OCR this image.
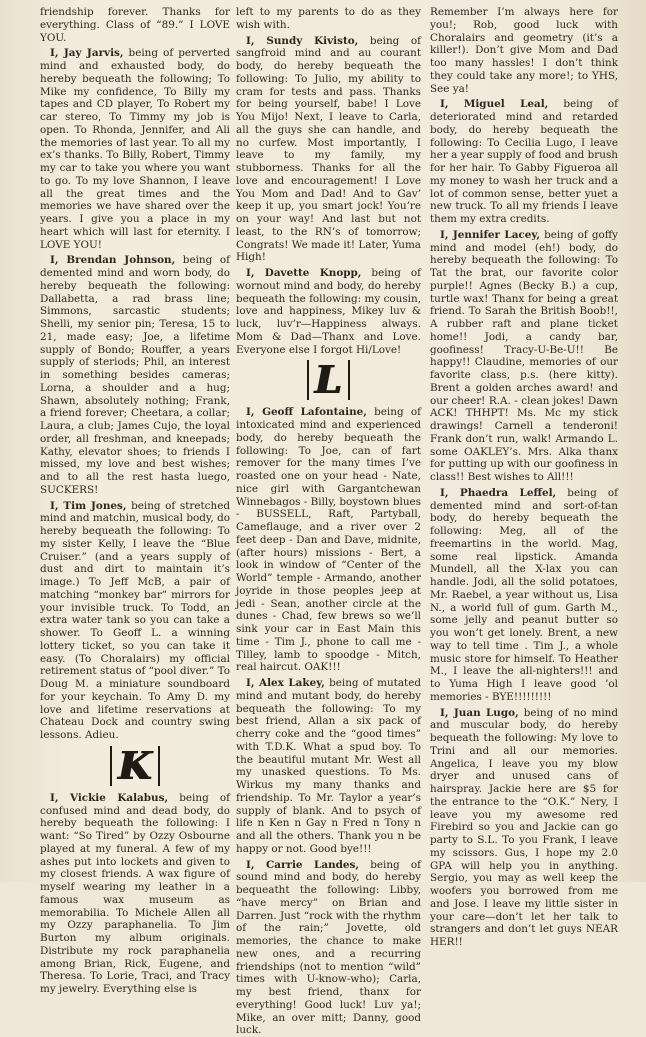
friendship forever. Thanks for everything. Class of “89.” I LOVE YOU.

I, Jay Jarvis, being of perverted mind and exhausted body, do hereby bequeath the following; To Mike my confidence, To Billy my tapes and CD player, To Robert my car stereo, To Timmy my job is open. To Rhonda, Jennifer, and Ali the memories of last year. To all my ex’s thanks. To Billy, Robert, Timmy my car to take you where you want to go. To my love Shannon, I leave all the great times and the memories we have shared over the years. I give you a place in my heart which will last for eternity. I LOVE YOU!

I, Brendan Johnson, being of demented mind and worn body, do hereby bequeath the following: Dallabetta, a rad brass line; Simmons, sarcastic students; Shelli, my senior pin; Teresa, 15 to 21, made easy; Joe, a lifetime supply of Bondo; Rouffer, a years supply of steriods; Phil, an interest in something besides cameras; Lorna, a shoulder and a hug; Shawn, absolutely nothing; Frank, a friend forever; Cheetara, a collar; Laura, a club; James Cujo, the loyal order, all freshman, and kneepads; Kathy, elevator shoes; to friends I missed, my love and best wishes; and to all the rest hasta luego, SUCKERS!

I, Tim Jones, being of stretched mind and matchin, musical body, do hereby bequeath the following: To my sister Kelly, I leave the “Blue Cruiser.” (and a years supply of dust and dirt to maintain it’s image.) To Jeff McB, a pair of matching “monkey bar” mirrors for your invisible truck. To Todd, an extra water tank so you can take a shower. To Geoff L. a winning lottery ticket, so you can take it easy. (To Choralairs) my official retirement status of “pool diver.” To Doug M. a miniature soundboard for your keychain. To Amy D. my love and lifetime reservations at Chateau Dock and country swing lessons. Adieu.

K

I, Vickie Kalabus, being of confused mind and dead body, do hereby bequeath the following: I want: “So Tired” by Ozzy Osbourne played at my funeral. A few of my ashes put into lockets and given to my closest friends. A wax figure of myself wearing my leather in a famous wax museum as memorabilia. To Michele Allen all my Ozzy paraphanelia. To Jim Burton my album originals. Distribute my rock paraphanelia among Brian, Rick, Eugene, and Theresa. To Lorie, Traci, and Tracy my jewelry. Everything else is

left to my parents to do as they wish with.

I, Sundy Kivisto, being of sangfroid mind and au courant body, do hereby bequeath the following: To Julio, my ability to cram for tests and pass. Thanks for being yourself, babe! I Love You Mijo! Next, I leave to Carla, all the guys she can handle, and no curfew. Most importantly, I leave to my family, my stubborness. Thanks for all the love and encouragement! I Love You Mom and Dad! And to Gav’ keep it up, you smart jock! You’re on your way! And last but not least, to the RN’s of tomorrow; Congrats! We made it! Later, Yuma High!

I, Davette Knopp, being of wornout mind and body, do hereby bequeath the following: my cousin, love and happiness, Mikey luv & luck, luv’r—Happiness always. Mom & Dad—Thanx and Love. Everyone else I forgot Hi/Love!

L

I, Geoff Lafontaine, being of intoxicated mind and experienced body, do hereby bequeath the following: To Joe, can of fart remover for the many times I’ve roasted one on your head - Nate, nice girl with Gargantchewan Winnebagos - Billy, boystown blues - BUSSELL, Raft, Partyball, Cameflauge, and a river over 2 feet deep - Dan and Dave, midnite, (after hours) missions - Bert, a look in window of “Center of the World” temple - Armando, another joyride in those peoples jeep at jedi - Sean, another circle at the dunes - Chad, few brews so we’ll sink your car in East Main this time - Tim J., phone to call me - Tilley, lamb to spoodge - Mitch, real haircut. OAK!!!

I, Alex Lakey, being of mutated mind and mutant body, do hereby bequeath the following: To my best friend, Allan a six pack of cherry coke and the “good times” with T.D.K. What a spud boy. To the beautiful mutant Mr. West all my unasked questions. To Ms. Wirkus my many thanks and friendship. To Mr. Taylor a year’s supply of blank. And to psych of life n Ken n Gay n Fred n Tony n and all the others. Thank you n be happy or not. Good bye!!!

I, Carrie Landes, being of sound mind and body, do hereby bequeatht the following: Libby, “have mercy” on Brian and Darren. Just “rock with the rhythm of the rain;” Jovette, old memories, the chance to make new ones, and a recurring friendships (not to mention “wild” times with U-know-who); Carla, my best friend, thanx for everything! Good luck! Luv ya!; Mike, an over mitt; Danny, good luck.

Remember I’m always here for you!; Rob, good luck with Choralairs and geometry (it’s a killer!). Don’t give Mom and Dad too many hassles! I don’t think they could take any more!; to YHS, See ya!

I, Miguel Leal, being of deteriorated mind and retarded body, do hereby bequeath the following: To Cecilia Lugo, I leave her a year supply of food and brush for her hair. To Gabby Figueroa all my money to wash her truck and a lot of common sense, better yuet a new truck. To all my friends I leave them my extra credits.

I, Jennifer Lacey, being of goffy mind and model (eh!) body, do hereby bequeath the following: To Tat the brat, our favorite color purple!! Agnes (Becky B.) a cup, turtle wax! Thanx for being a great friend. To Sarah the British Boob!!, A rubber raft and plane ticket home!! Jodi, a candy bar, goofiness! Tracy-U-Be-U!! Be happy!! Claudine, memories of our favorite class, p.s. (here kitty). Brent a golden arches award! and our cheer! R.A. - clean jokes! Dawn ACK! THHPT! Ms. Mc my stick drawings! Carnell a tenderoni! Frank don’t run, walk! Armando L. some OAKLEY’s. Mrs. Alka thanx for putting up with our goofiness in class!! Best wishes to All!!!

I, Phaedra Leffel, being of demented mind and sort-of-tan body, do hereby bequeath the following: Meg, all of the freemartins in the world. Mag, some real lipstick. Amanda Mundell, all the X-lax you can handle. Jodi, all the solid potatoes, Mr. Raebel, a year without us, Lisa N., a world full of gum. Garth M., some jelly and peanut butter so you won’t get lonely. Brent, a new way to tell time . Tim J., a whole music store for himself. To Heather M., I leave the all-nighters!!! and to Yuma High I leave good ’ol memories - BYE!!!!!!!!!

I, Juan Lugo, being of no mind and muscular body, do hereby bequeath the following: My love to Trini and all our memories. Angelica, I leave you my blow dryer and unused cans of hairspray. Jackie here are $5 for the entrance to the “O.K.” Nery, I leave you my awesome red Firebird so you and Jackie can go party to S.L. To you Frank, I leave my scissors. Gus, I hope my 2.0 GPA will help you in anything. Sergio, you may as well keep the woofers you borrowed from me and Jose. I leave my little sister in your care—don’t let her talk to strangers and don’t let guys NEAR HER!!
